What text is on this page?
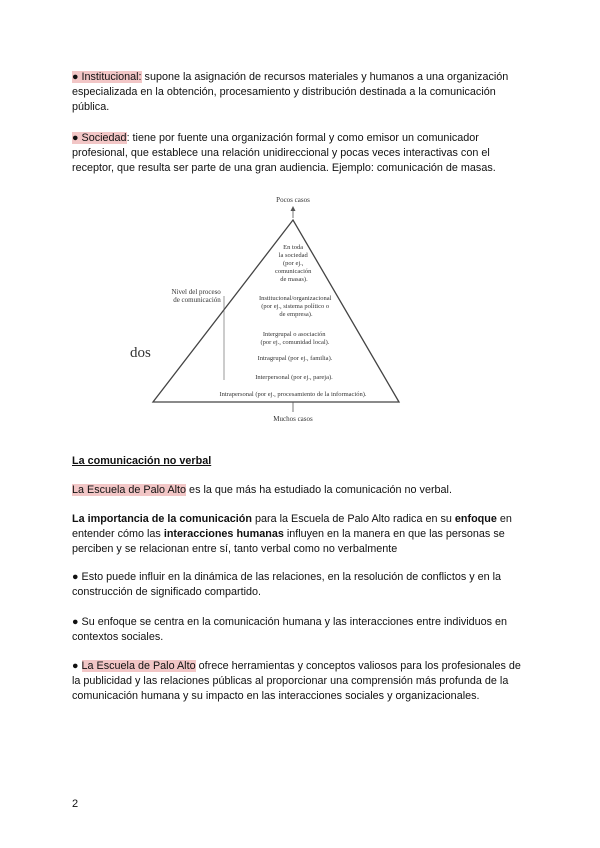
● Institucional: supone la asignación de recursos materiales y humanos a una organización especializada en la obtención, procesamiento y distribución destinada a la comunicación pública.

● Sociedad: tiene por fuente una organización formal y como emisor un comunicador profesional, que establece una relación unidireccional y pocas veces interactivas con el receptor, que resulta ser parte de una gran audiencia. Ejemplo: comunicación de masas.

Pocos casos
Muchos casos
dos
Nivel del proceso de comunicación
En toda la sociedad (por ej., comunicación de masas).
Institucional/organizacional (por ej., sistema político o de empresa).
Intergrupal o asociación (por ej., comunidad local).
Intragrupal (por ej., familia).
Interpersonal (por ej., pareja).
Intrapersonal (por ej., procesamiento de la información).

La comunicación no verbal

La Escuela de Palo Alto es la que más ha estudiado la comunicación no verbal.

La importancia de la comunicación para la Escuela de Palo Alto radica en su enfoque en entender cómo las interacciones humanas influyen en la manera en que las personas se perciben y se relacionan entre sí, tanto verbal como no verbalmente

● Esto puede influir en la dinámica de las relaciones, en la resolución de conflictos y en la construcción de significado compartido.

● Su enfoque se centra en la comunicación humana y las interacciones entre individuos en contextos sociales.

● La Escuela de Palo Alto ofrece herramientas y conceptos valiosos para los profesionales de la publicidad y las relaciones públicas al proporcionar una comprensión más profunda de la comunicación humana y su impacto en las interacciones sociales y organizacionales.

2
